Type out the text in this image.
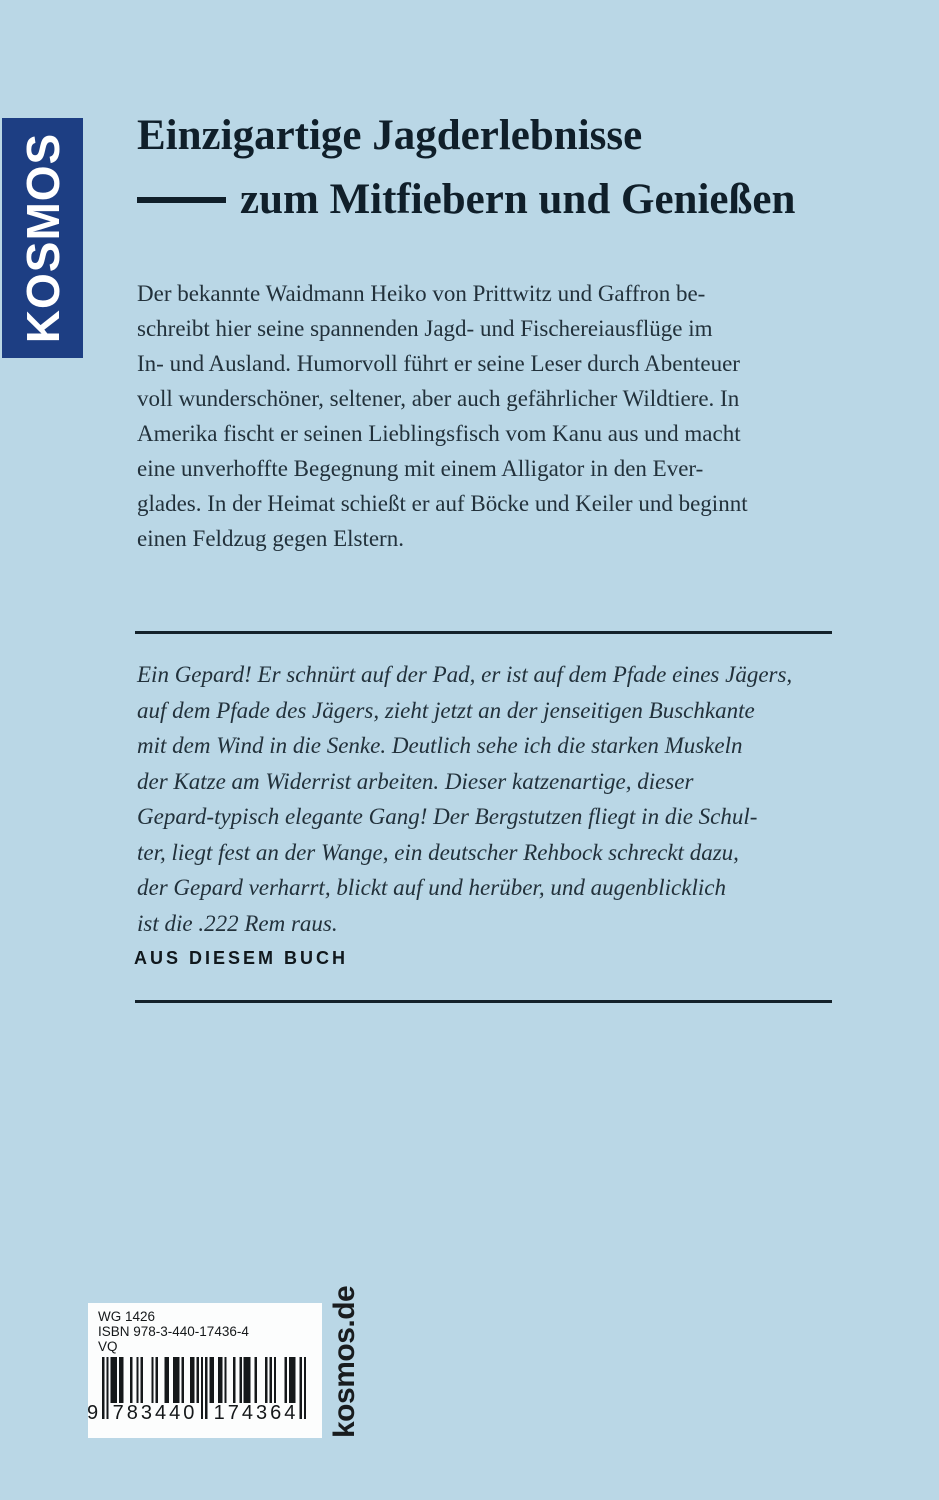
KOSMOS	Einzigartige Jagderlebnisse
zum Mitfiebern und Genießen
Der bekannte Waidmann Heiko von Prittwitz und Gaffron be-
schreibt hier seine spannenden Jagd- und Fischereiausflüge im
In- und Ausland. Humorvoll führt er seine Leser durch Abenteuer
voll wunderschöner, seltener, aber auch gefährlicher Wildtiere. In
Amerika fischt er seinen Lieblingsfisch vom Kanu aus und macht
eine unverhoffte Begegnung mit einem Alligator in den Ever-
glades. In der Heimat schießt er auf Böcke und Keiler und beginnt
einen Feldzug gegen Elstern.
Ein Gepard! Er schnürt auf der Pad, er ist auf dem Pfade eines Jägers,
auf dem Pfade des Jägers, zieht jetzt an der jenseitigen Buschkante
mit dem Wind in die Senke. Deutlich sehe ich die starken Muskeln
der Katze am Widerrist arbeiten. Dieser katzenartige, dieser
Gepard-typisch elegante Gang! Der Bergstutzen fliegt in die Schul-
ter, liegt fest an der Wange, ein deutscher Rehbock schreckt dazu,
der Gepard verharrt, blickt auf und herüber, und augenblicklich
ist die .222 Rem raus.
AUS DIESEM BUCH
WG 1426
ISBN 978-3-440-17436-4
VQ
9 783440 174364 kosmos.de
